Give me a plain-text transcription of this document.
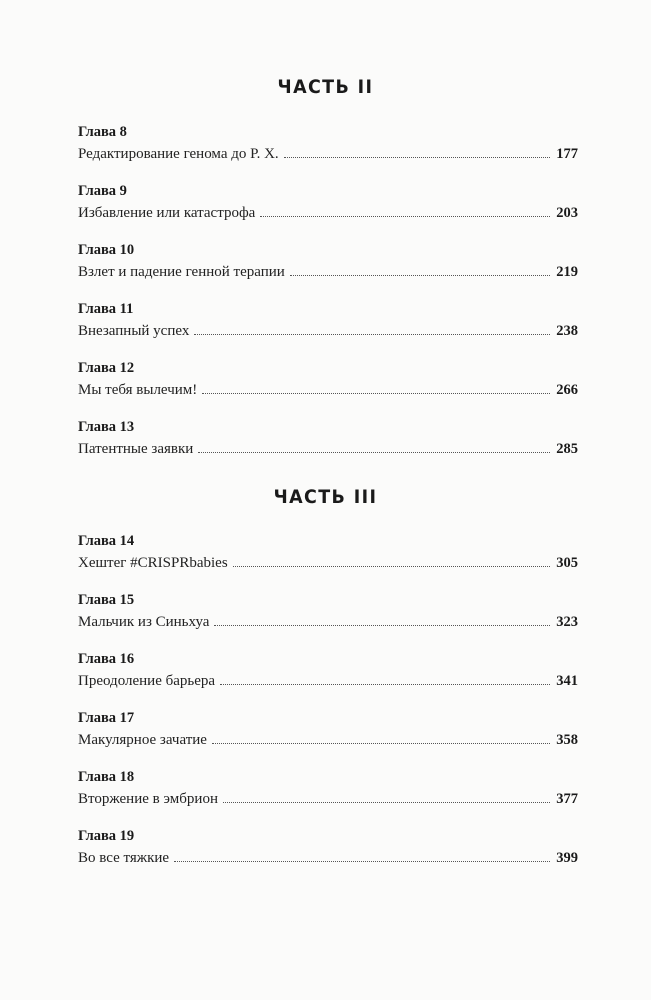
ЧАСТЬ II
Глава 8
Редактирование генома до Р. Х.	177
Глава 9
Избавление или катастрофа	203
Глава 10
Взлет и падение генной терапии	219
Глава 11
Внезапный успех	238
Глава 12
Мы тебя вылечим!	266
Глава 13
Патентные заявки	285
ЧАСТЬ III
Глава 14
Хештег #CRISPRbabies	305
Глава 15
Мальчик из Синьхуа	323
Глава 16
Преодоление барьера	341
Глава 17
Макулярное зачатие	358
Глава 18
Вторжение в эмбрион	377
Глава 19
Во все тяжкие	399
